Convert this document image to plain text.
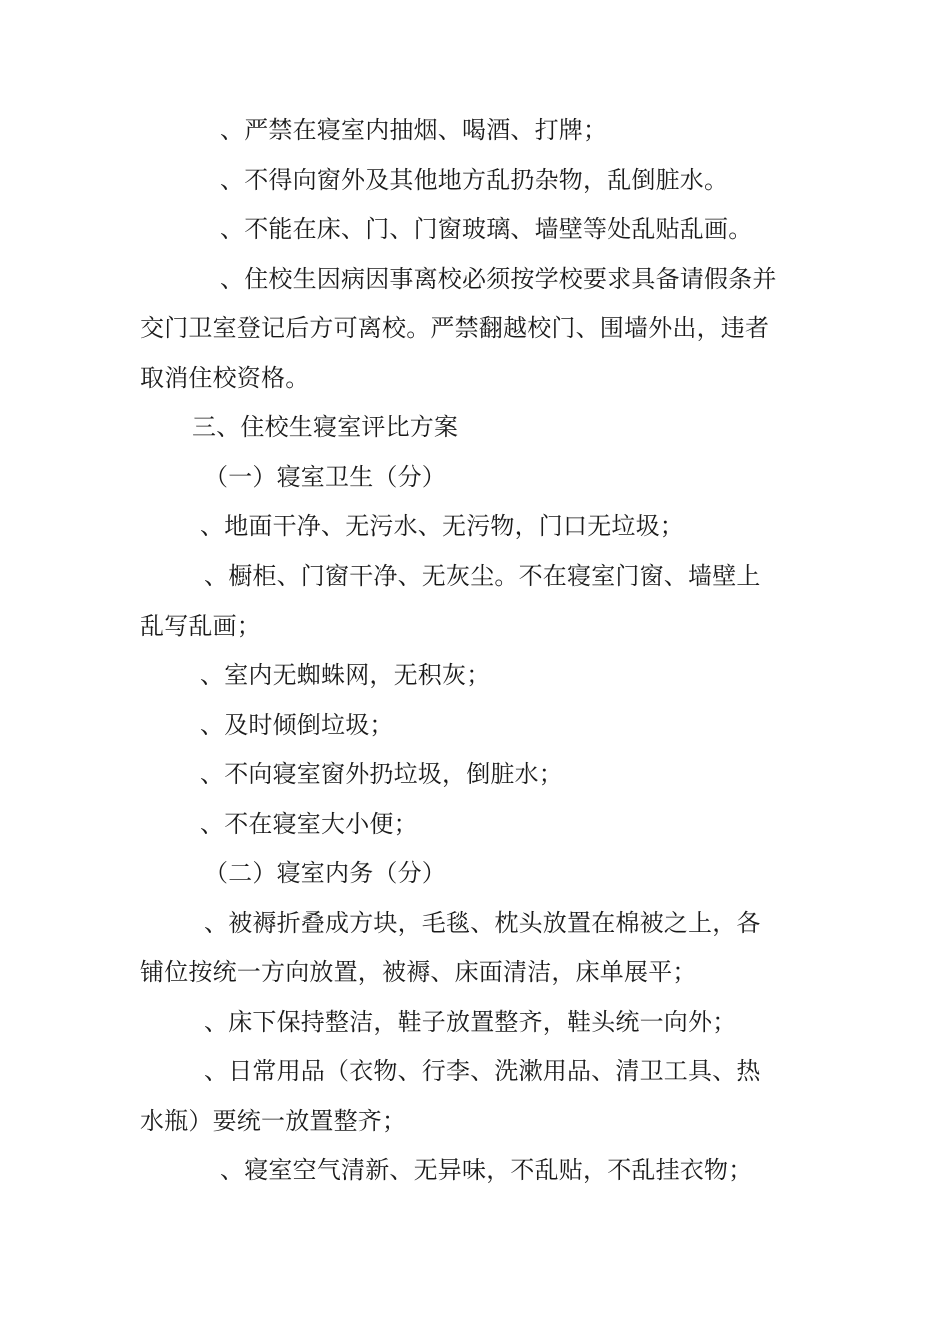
、严禁在寝室内抽烟、喝酒、打牌；
、不得向窗外及其他地方乱扔杂物，乱倒脏水。
、不能在床、门、门窗玻璃、墙壁等处乱贴乱画。
、住校生因病因事离校必须按学校要求具备请假条并
交门卫室登记后方可离校。严禁翻越校门、围墙外出，违者
取消住校资格。
三、住校生寝室评比方案
（一）寝室卫生（分）
、地面干净、无污水、无污物，门口无垃圾；
、橱柜、门窗干净、无灰尘。不在寝室门窗、墙壁上
乱写乱画；
、室内无蜘蛛网，无积灰；
、及时倾倒垃圾；
、不向寝室窗外扔垃圾，倒脏水；
、不在寝室大小便；
（二）寝室内务（分）
、被褥折叠成方块，毛毯、枕头放置在棉被之上，各
铺位按统一方向放置，被褥、床面清洁，床单展平；
、床下保持整洁，鞋子放置整齐，鞋头统一向外；
、日常用品（衣物、行李、洗漱用品、清卫工具、热
水瓶）要统一放置整齐；
、寝室空气清新、无异味，不乱贴，不乱挂衣物；
